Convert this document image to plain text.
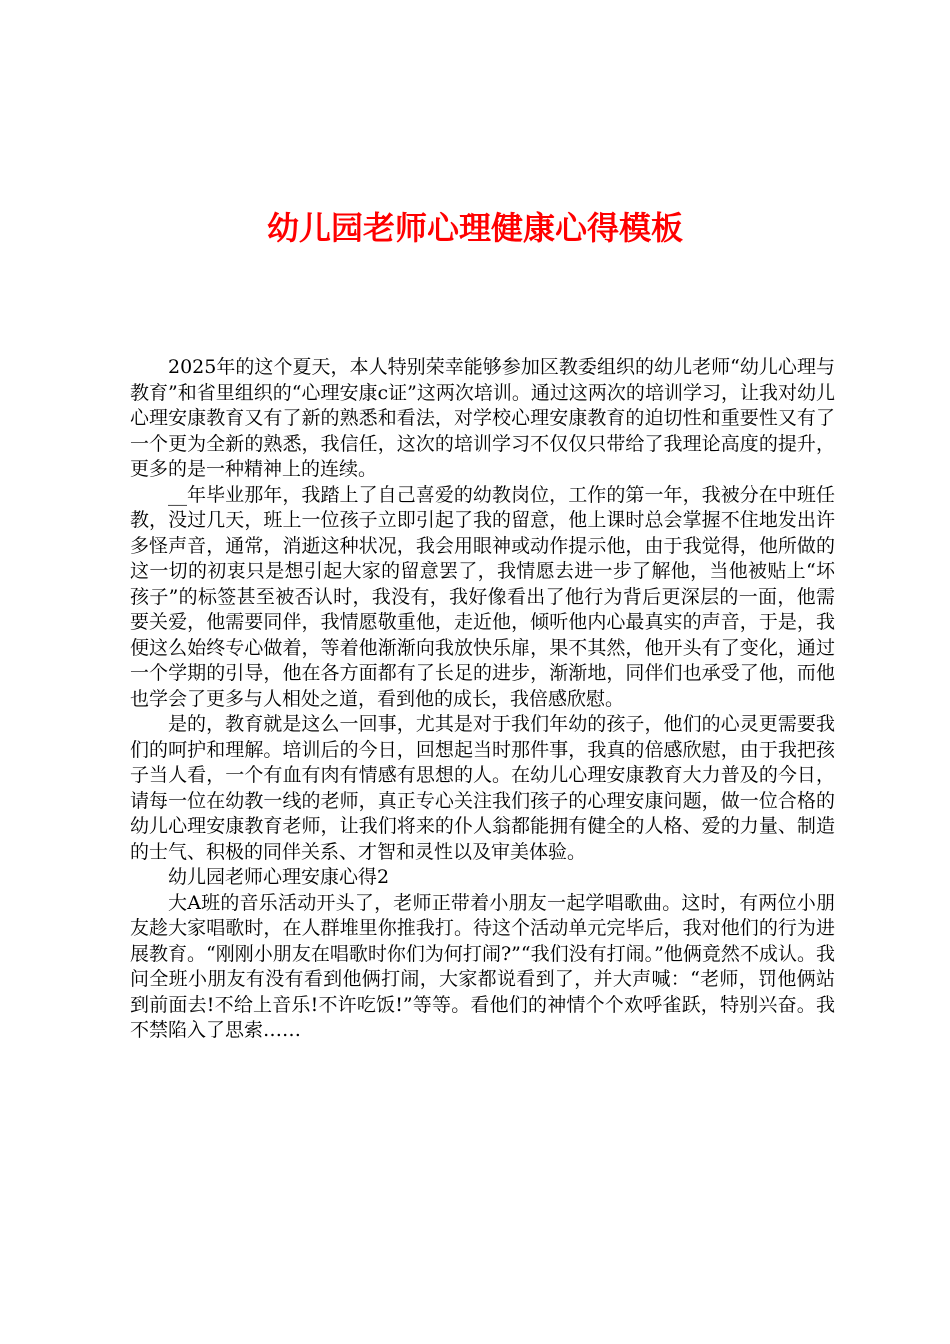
幼儿园老师心理健康心得模板

2025年的这个夏天，本人特别荣幸能够参加区教委组织的幼儿老师“幼儿心理与教育”和省里组织的“心理安康c证”这两次培训。通过这两次的培训学习，让我对幼儿心理安康教育又有了新的熟悉和看法，对学校心理安康教育的迫切性和重要性又有了一个更为全新的熟悉，我信任，这次的培训学习不仅仅只带给了我理论高度的提升，更多的是一种精神上的连续。

__年毕业那年，我踏上了自己喜爱的幼教岗位，工作的第一年，我被分在中班任教，没过几天，班上一位孩子立即引起了我的留意，他上课时总会掌握不住地发出许多怪声音，通常，消逝这种状况，我会用眼神或动作提示他，由于我觉得，他所做的这一切的初衷只是想引起大家的留意罢了，我情愿去进一步了解他，当他被贴上“坏孩子”的标签甚至被否认时，我没有，我好像看出了他行为背后更深层的一面，他需要关爱，他需要同伴，我情愿敬重他，走近他，倾听他内心最真实的声音，于是，我便这么始终专心做着，等着他渐渐向我放快乐扉，果不其然，他开头有了变化，通过一个学期的引导，他在各方面都有了长足的进步，渐渐地，同伴们也承受了他，而他也学会了更多与人相处之道，看到他的成长，我倍感欣慰。

是的，教育就是这么一回事，尤其是对于我们年幼的孩子，他们的心灵更需要我们的呵护和理解。培训后的今日，回想起当时那件事，我真的倍感欣慰，由于我把孩子当人看，一个有血有肉有情感有思想的人。在幼儿心理安康教育大力普及的今日，请每一位在幼教一线的老师，真正专心关注我们孩子的心理安康问题，做一位合格的幼儿心理安康教育老师，让我们将来的仆人翁都能拥有健全的人格、爱的力量、制造的士气、积极的同伴关系、才智和灵性以及审美体验。

幼儿园老师心理安康心得2

大A班的音乐活动开头了，老师正带着小朋友一起学唱歌曲。这时，有两位小朋友趁大家唱歌时，在人群堆里你推我打。待这个活动单元完毕后，我对他们的行为进展教育。“刚刚小朋友在唱歌时你们为何打闹?”“我们没有打闹。”他俩竟然不成认。我问全班小朋友有没有看到他俩打闹，大家都说看到了，并大声喊：“老师，罚他俩站到前面去!不给上音乐!不许吃饭!”等等。看他们的神情个个欢呼雀跃，特别兴奋。我不禁陷入了思索……
